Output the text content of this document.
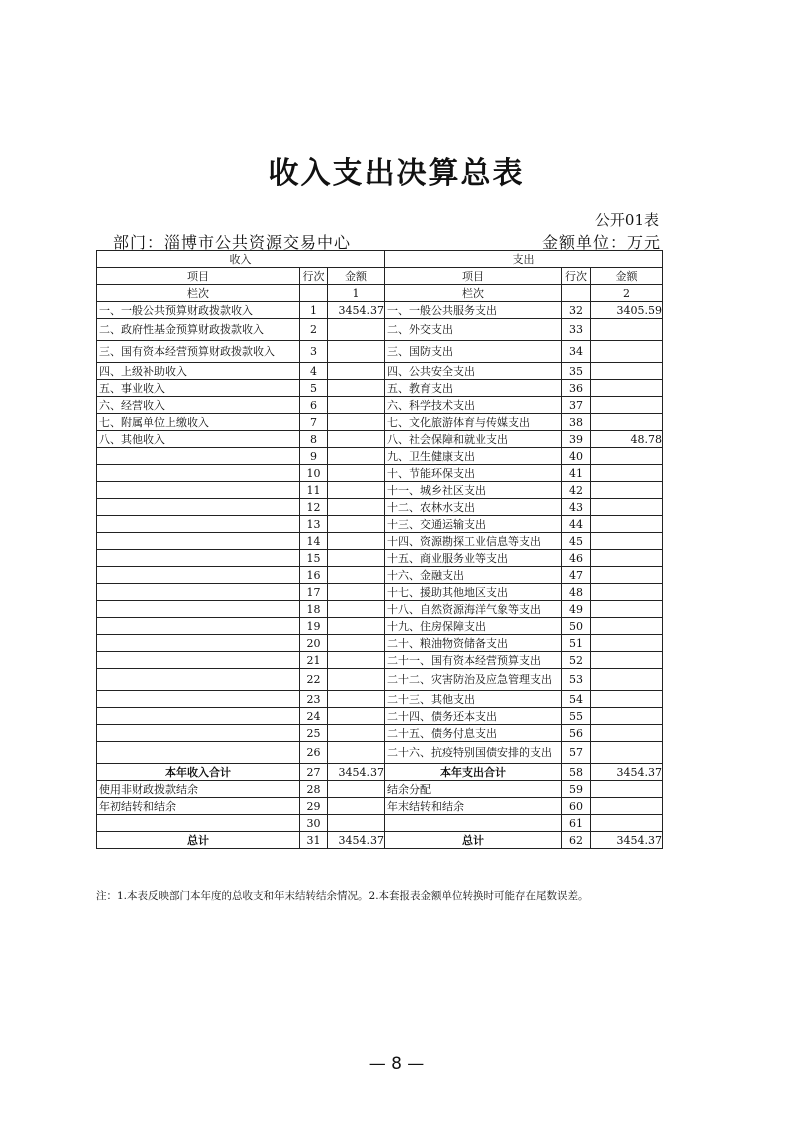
收入支出决算总表
公开01表
部门：淄博市公共资源交易中心	金额单位：万元
收入			支出		
项目	行次	金额	项目	行次	金额
栏次		1	栏次		2
一、一般公共预算财政拨款收入	1	3454.37	一、一般公共服务支出	32	3405.59
二、政府性基金预算财政拨款收入	2		二、外交支出	33	
三、国有资本经营预算财政拨款收入	3		三、国防支出	34	
四、上级补助收入	4		四、公共安全支出	35	
五、事业收入	5		五、教育支出	36	
六、经营收入	6		六、科学技术支出	37	
七、附属单位上缴收入	7		七、文化旅游体育与传媒支出	38	
八、其他收入	8		八、社会保障和就业支出	39	48.78
	9		九、卫生健康支出	40	
	10		十、节能环保支出	41	
	11		十一、城乡社区支出	42	
	12		十二、农林水支出	43	
	13		十三、交通运输支出	44	
	14		十四、资源勘探工业信息等支出	45	
	15		十五、商业服务业等支出	46	
	16		十六、金融支出	47	
	17		十七、援助其他地区支出	48	
	18		十八、自然资源海洋气象等支出	49	
	19		十九、住房保障支出	50	
	20		二十、粮油物资储备支出	51	
	21		二十一、国有资本经营预算支出	52	
	22		二十二、灾害防治及应急管理支出	53	
	23		二十三、其他支出	54	
	24		二十四、债务还本支出	55	
	25		二十五、债务付息支出	56	
	26		二十六、抗疫特别国债安排的支出	57	
本年收入合计	27	3454.37	本年支出合计	58	3454.37
使用非财政拨款结余	28		结余分配	59	
年初结转和结余	29		年末结转和结余	60	
	30			61	
总计	31	3454.37	总计	62	3454.37
注：1.本表反映部门本年度的总收支和年末结转结余情况。2.本套报表金额单位转换时可能存在尾数误差。
— 8 —
